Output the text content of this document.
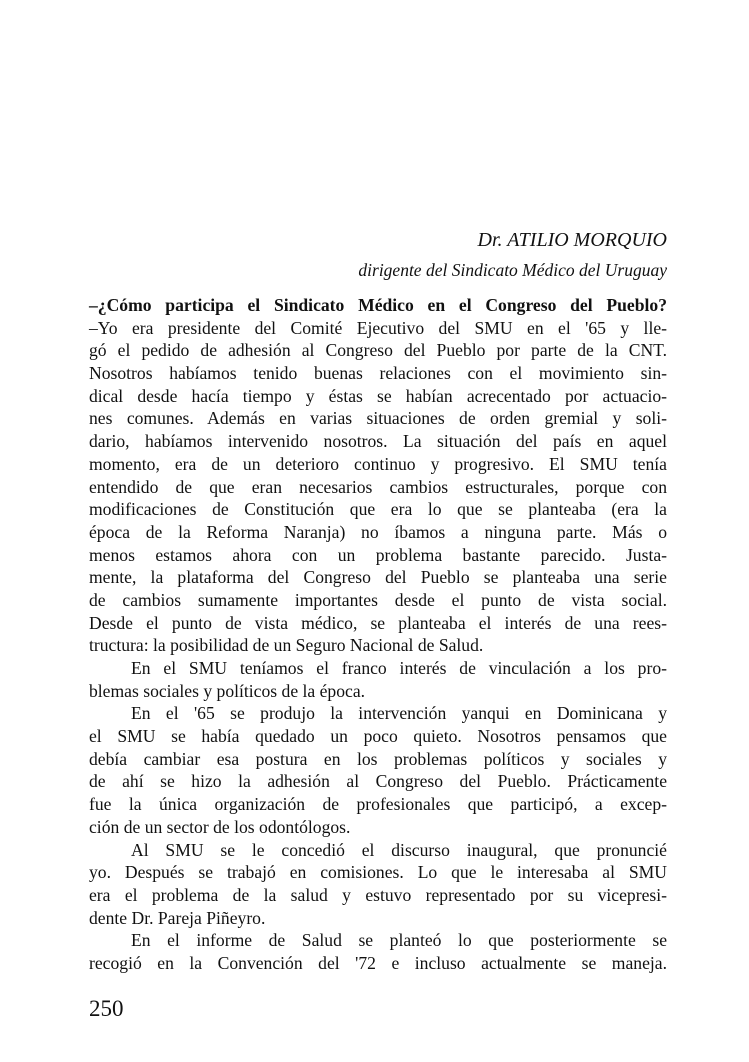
Dr. ATILIO MORQUIO
dirigente del Sindicato Médico del Uruguay
–¿Cómo participa el Sindicato Médico en el Congreso del Pueblo?
–Yo era presidente del Comité Ejecutivo del SMU en el '65 y lle-
gó el pedido de adhesión al Congreso del Pueblo por parte de la CNT.
Nosotros habíamos tenido buenas relaciones con el movimiento sin-
dical desde hacía tiempo y éstas se habían acrecentado por actuacio-
nes comunes. Además en varias situaciones de orden gremial y soli-
dario, habíamos intervenido nosotros. La situación del país en aquel
momento, era de un deterioro continuo y progresivo. El SMU tenía
entendido de que eran necesarios cambios estructurales, porque con
modificaciones de Constitución que era lo que se planteaba (era la
época de la Reforma Naranja) no íbamos a ninguna parte. Más o
menos estamos ahora con un problema bastante parecido. Justa-
mente, la plataforma del Congreso del Pueblo se planteaba una serie
de cambios sumamente importantes desde el punto de vista social.
Desde el punto de vista médico, se planteaba el interés de una rees-
tructura: la posibilidad de un Seguro Nacional de Salud.
En el SMU teníamos el franco interés de vinculación a los pro-
blemas sociales y políticos de la época.
En el '65 se produjo la intervención yanqui en Dominicana y
el SMU se había quedado un poco quieto. Nosotros pensamos que
debía cambiar esa postura en los problemas políticos y sociales y
de ahí se hizo la adhesión al Congreso del Pueblo. Prácticamente
fue la única organización de profesionales que participó, a excep-
ción de un sector de los odontólogos.
Al SMU se le concedió el discurso inaugural, que pronuncié
yo. Después se trabajó en comisiones. Lo que le interesaba al SMU
era el problema de la salud y estuvo representado por su vicepresi-
dente Dr. Pareja Piñeyro.
En el informe de Salud se planteó lo que posteriormente se
recogió en la Convención del '72 e incluso actualmente se maneja.
250
